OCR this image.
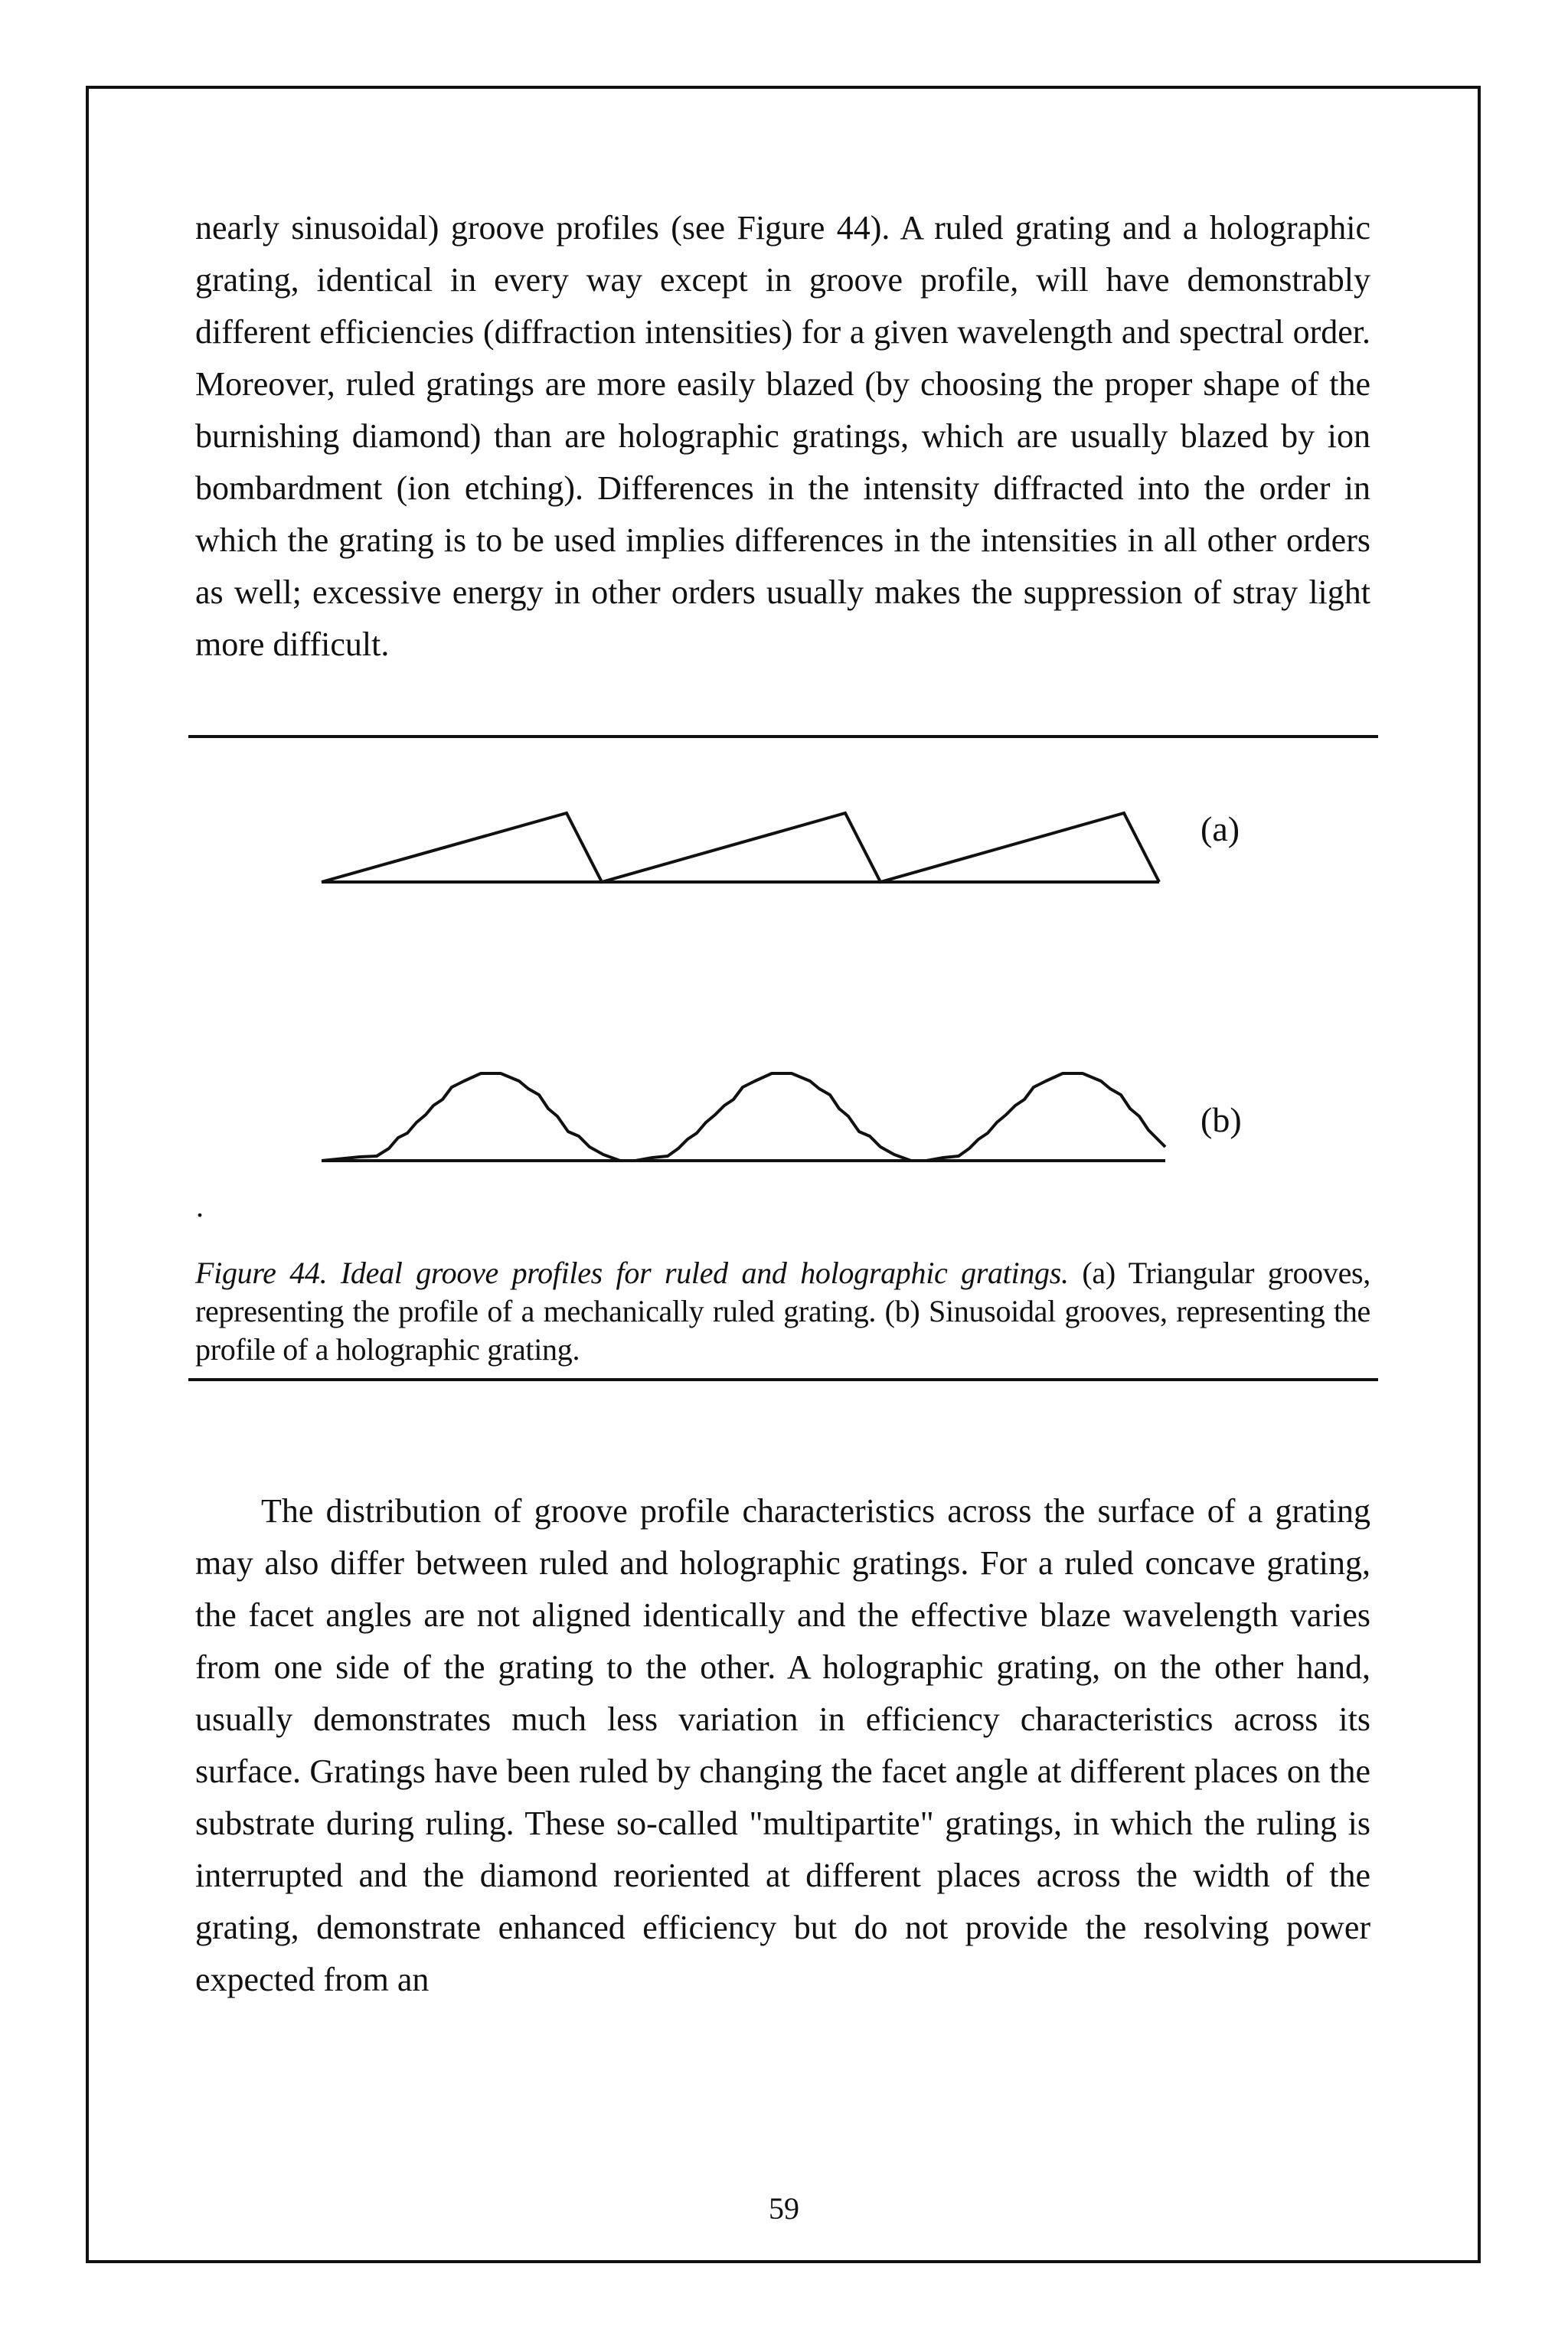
nearly sinusoidal) groove profiles (see Figure 44). A ruled grating and a holographic grating, identical in every way except in groove profile, will have demonstrably different efficiencies (diffraction intensities) for a given wavelength and spectral order. Moreover, ruled gratings are more easily blazed (by choosing the proper shape of the burnishing diamond) than are holographic gratings, which are usually blazed by ion bombardment (ion etching). Differences in the intensity diffracted into the order in which the grating is to be used implies differences in the intensities in all other orders as well; excessive energy in other orders usually makes the suppression of stray light more difficult.

(a)
(b)
.

Figure 44. Ideal groove profiles for ruled and holographic gratings. (a) Triangular grooves, representing the profile of a mechanically ruled grating. (b) Sinusoidal grooves, representing the profile of a holographic grating.

The distribution of groove profile characteristics across the surface of a grating may also differ between ruled and holographic gratings. For a ruled concave grating, the facet angles are not aligned identically and the effective blaze wavelength varies from one side of the grating to the other. A holographic grating, on the other hand, usually demonstrates much less variation in efficiency characteristics across its surface. Gratings have been ruled by changing the facet angle at different places on the substrate during ruling. These so-called "multipartite" gratings, in which the ruling is interrupted and the diamond reoriented at different places across the width of the grating, demonstrate enhanced efficiency but do not provide the resolving power expected from an

59
